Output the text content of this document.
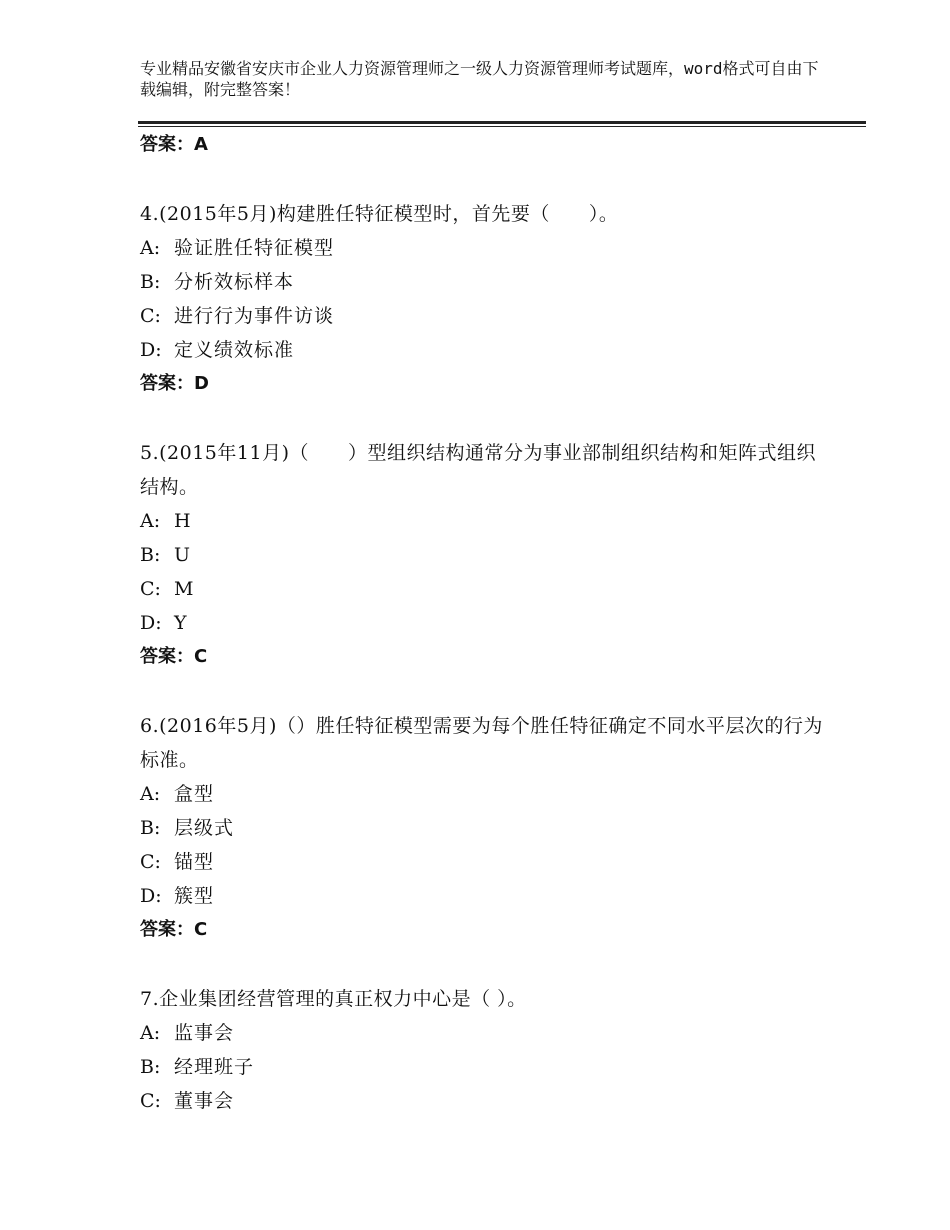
专业精品安徽省安庆市企业人力资源管理师之一级人力资源管理师考试题库，word格式可自由下载编辑，附完整答案！
答案：A
4.(2015年5月)构建胜任特征模型时，首先要（　　）。
A: 验证胜任特征模型
B: 分析效标样本
C: 进行行为事件访谈
D: 定义绩效标准
答案：D
5.(2015年11月)（　　）型组织结构通常分为事业部制组织结构和矩阵式组织结构。
A: H
B: U
C: M
D: Y
答案：C
6.(2016年5月)（）胜任特征模型需要为每个胜任特征确定不同水平层次的行为标准。
A: 盒型
B: 层级式
C: 锚型
D: 簇型
答案：C
7.企业集团经营管理的真正权力中心是（ ）。
A: 监事会
B: 经理班子
C: 董事会
